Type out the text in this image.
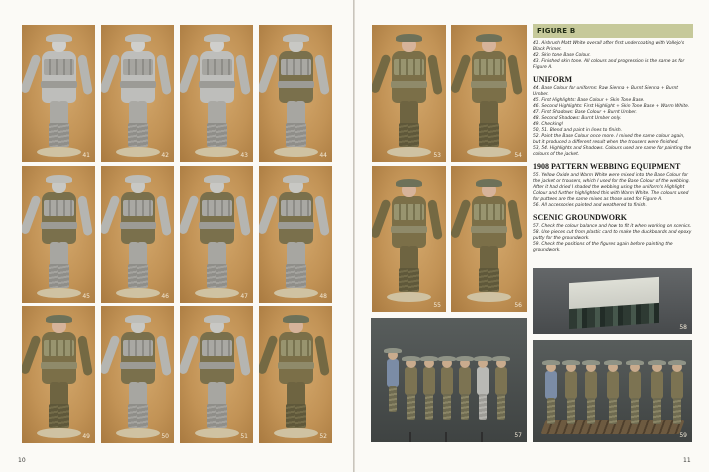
41	42	43	44
45	46	47	48
49	50	51	52
10
53	54
55	56
58
57	59
FIGURE B

41. Airbrush Matt White overall after first undercoating with Vallejo's Black Primer.

42. Skin tone Base Colour.

43. Finished skin tone. All colours and progression is the same as for Figure A.

UNIFORM

44. Base Colour for uniforms: Raw Sienna + Burnt Sienna + Burnt Umber.

45. First Highlights: Base Colour + Skin Tone Base.

46. Second Highlights: First Highlight + Skin Tone Base + Warm White.

47. First Shadows: Base Colour + Burnt Umber.

48. Second Shadows: Burnt Umber only.

49. Checking!

50, 51. Blend and paint in lines to finish.

52. Paint the Base Colour once more. I mixed the same colour again, but it produced a different result when the trousers were finished.

53, 54. Highlights and Shadows. Colours used are same for painting the colours of the jacket.

1908 PATTERN WEBBING EQUIPMENT

55. Yellow Oxide and Warm White were mixed into the Base Colour for the jacket or trousers, which I used for the Base Colour of the webbing. After it had dried I shaded the webbing using the uniform's Highlight Colour and further highlighted this with Warm White. The colours used for puttees are the same mixes as those used for Figure A.

56. All accessories painted and weathered to finish.

SCENIC GROUNDWORK

57. Check the colour balance and how to fit it when working on scenics.

58. Use pieces cut from plastic card to make the duckboards and epoxy putty for the groundwork.

59. Check the positions of the figures again before painting the groundwork.

11
